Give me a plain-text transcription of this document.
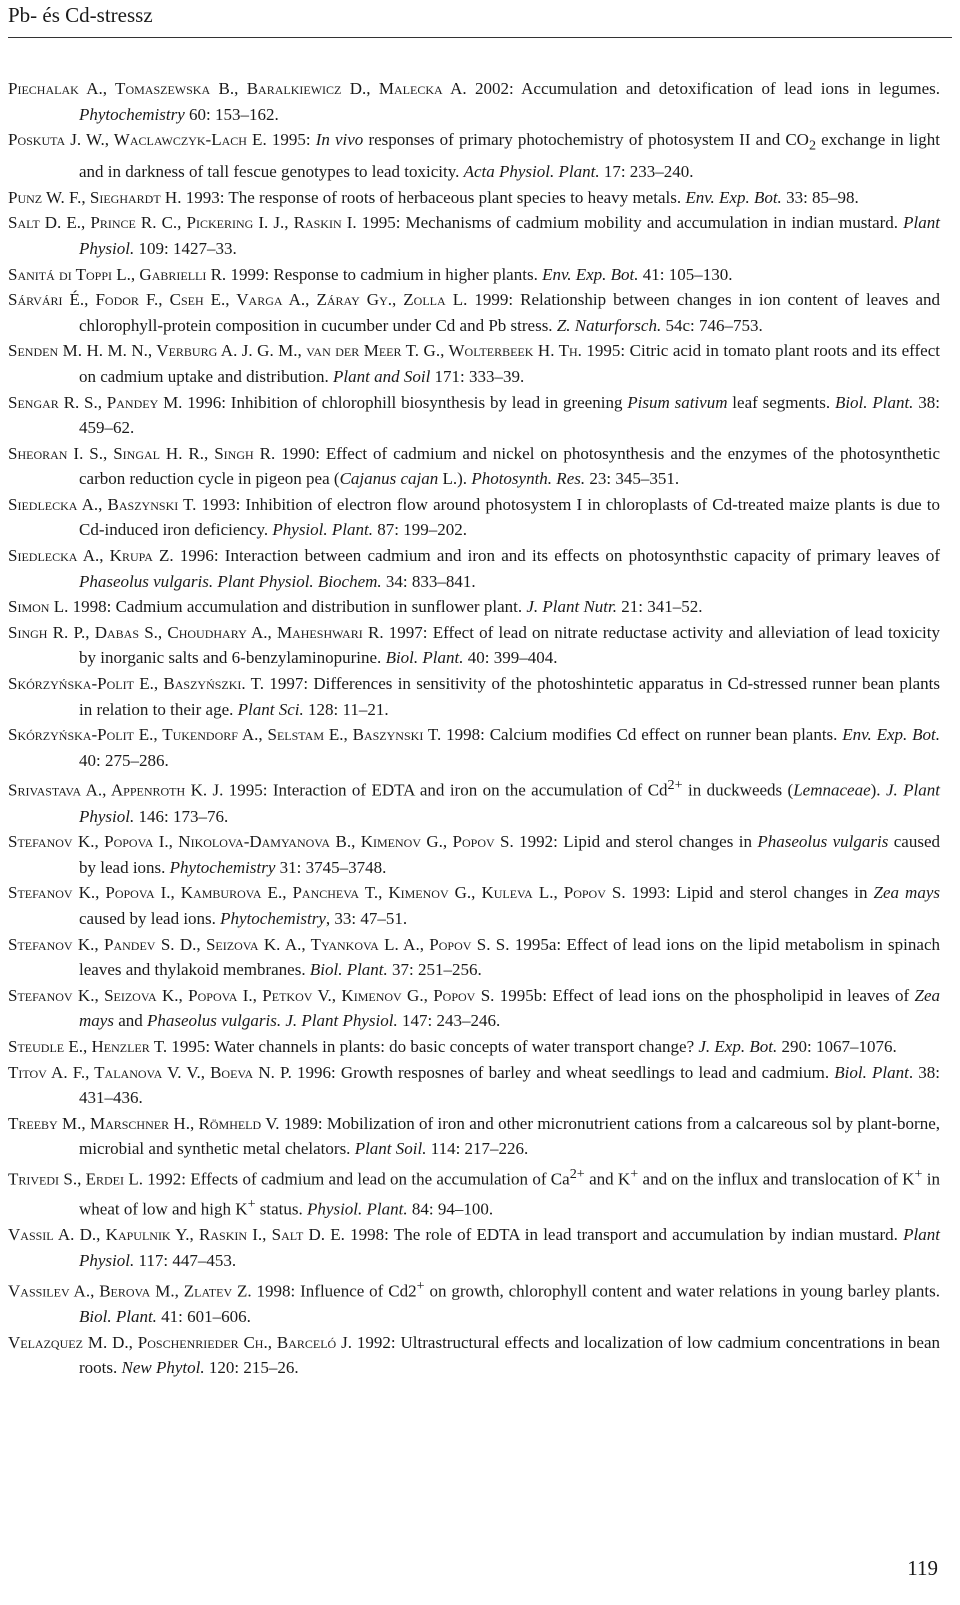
Pb- és Cd-stressz

Piechalak A., Tomaszewska B., Baralkiewicz D., Malecka A. 2002: Accumulation and detoxification of lead ions in legumes. Phytochemistry 60: 153–162.

Poskuta J. W., Waclawczyk-Lach E. 1995: In vivo responses of primary photochemistry of photosystem II and $CO_2$ exchange in light and in darkness of tall fescue genotypes to lead toxicity. Acta Physiol. Plant. 17: 233–240.

Punz W. F., Sieghardt H. 1993: The response of roots of herbaceous plant species to heavy metals. Env. Exp. Bot. 33: 85–98.

Salt D. E., Prince R. C., Pickering I. J., Raskin I. 1995: Mechanisms of cadmium mobility and accumulation in indian mustard. Plant Physiol. 109: 1427–33.

Sanitá di Toppi L., Gabrielli R. 1999: Response to cadmium in higher plants. Env. Exp. Bot. 41: 105–130.

Sárvári É., Fodor F., Cseh E., Varga A., Záray Gy., Zolla L. 1999: Relationship between changes in ion content of leaves and chlorophyll-protein composition in cucumber under Cd and Pb stress. Z. Naturforsch. 54c: 746–753.

Senden M. H. M. N., Verburg A. J. G. M., van der Meer T. G., Wolterbeek H. Th. 1995: Citric acid in tomato plant roots and its effect on cadmium uptake and distribution. Plant and Soil 171: 333–39.

Sengar R. S., Pandey M. 1996: Inhibition of chlorophill biosynthesis by lead in greening Pisum sativum leaf segments. Biol. Plant. 38: 459–62.

Sheoran I. S., Singal H. R., Singh R. 1990: Effect of cadmium and nickel on photosynthesis and the enzymes of the photosynthetic carbon reduction cycle in pigeon pea (Cajanus cajan L.). Photosynth. Res. 23: 345–351.

Siedlecka A., Baszynski T. 1993: Inhibition of electron flow around photosystem I in chloroplasts of Cd-treated maize plants is due to Cd-induced iron deficiency. Physiol. Plant. 87: 199–202.

Siedlecka A., Krupa Z. 1996: Interaction between cadmium and iron and its effects on photosynthstic capacity of primary leaves of Phaseolus vulgaris. Plant Physiol. Biochem. 34: 833–841.

Simon L. 1998: Cadmium accumulation and distribution in sunflower plant. J. Plant Nutr. 21: 341–52.

Singh R. P., Dabas S., Choudhary A., Maheshwari R. 1997: Effect of lead on nitrate reductase activity and alleviation of lead toxicity by inorganic salts and 6-benzylaminopurine. Biol. Plant. 40: 399–404.

Skórzyńska-Polit E., Baszyńszki. T. 1997: Differences in sensitivity of the photoshintetic apparatus in Cd-stressed runner bean plants in relation to their age. Plant Sci. 128: 11–21.

Skórzyńska-Polit E., Tukendorf A., Selstam E., Baszynski T. 1998: Calcium modifies Cd effect on runner bean plants. Env. Exp. Bot. 40: 275–286.

Srivastava A., Appenroth K. J. 1995: Interaction of EDTA and iron on the accumulation of $Cd^{2+}$ in duckweeds (Lemnaceae). J. Plant Physiol. 146: 173–76.

Stefanov K., Popova I., Nikolova-Damyanova B., Kimenov G., Popov S. 1992: Lipid and sterol changes in Phaseolus vulgaris caused by lead ions. Phytochemistry 31: 3745–3748.

Stefanov K., Popova I., Kamburova E., Pancheva T., Kimenov G., Kuleva L., Popov S. 1993: Lipid and sterol changes in Zea mays caused by lead ions. Phytochemistry, 33: 47–51.

Stefanov K., Pandev S. D., Seizova K. A., Tyankova L. A., Popov S. S. 1995a: Effect of lead ions on the lipid metabolism in spinach leaves and thylakoid membranes. Biol. Plant. 37: 251–256.

Stefanov K., Seizova K., Popova I., Petkov V., Kimenov G., Popov S. 1995b: Effect of lead ions on the phospholipid in leaves of Zea mays and Phaseolus vulgaris. J. Plant Physiol. 147: 243–246.

Steudle E., Henzler T. 1995: Water channels in plants: do basic concepts of water transport change? J. Exp. Bot. 290: 1067–1076.

Titov A. F., Talanova V. V., Boeva N. P. 1996: Growth resposnes of barley and wheat seedlings to lead and cadmium. Biol. Plant. 38: 431–436.

Treeby M., Marschner H., Römheld V. 1989: Mobilization of iron and other micronutrient cations from a calcareous sol by plant-borne, microbial and synthetic metal chelators. Plant Soil. 114: 217–226.

Trivedi S., Erdei L. 1992: Effects of cadmium and lead on the accumulation of $Ca^{2+}$ and K+ and on the influx and translocation of K+ in wheat of low and high K+ status. Physiol. Plant. 84: 94–100.

Vassil A. D., Kapulnik Y., Raskin I., Salt D. E. 1998: The role of EDTA in lead transport and accumulation by indian mustard. Plant Physiol. 117: 447–453.

Vassilev A., Berova M., Zlatev Z. 1998: Influence of Cd2+ on growth, chlorophyll content and water relations in young barley plants. Biol. Plant. 41: 601–606.

Velazquez M. D., Poschenrieder Ch., Barceló J. 1992: Ultrastructural effects and localization of low cadmium concentrations in bean roots. New Phytol. 120: 215–26.

119
